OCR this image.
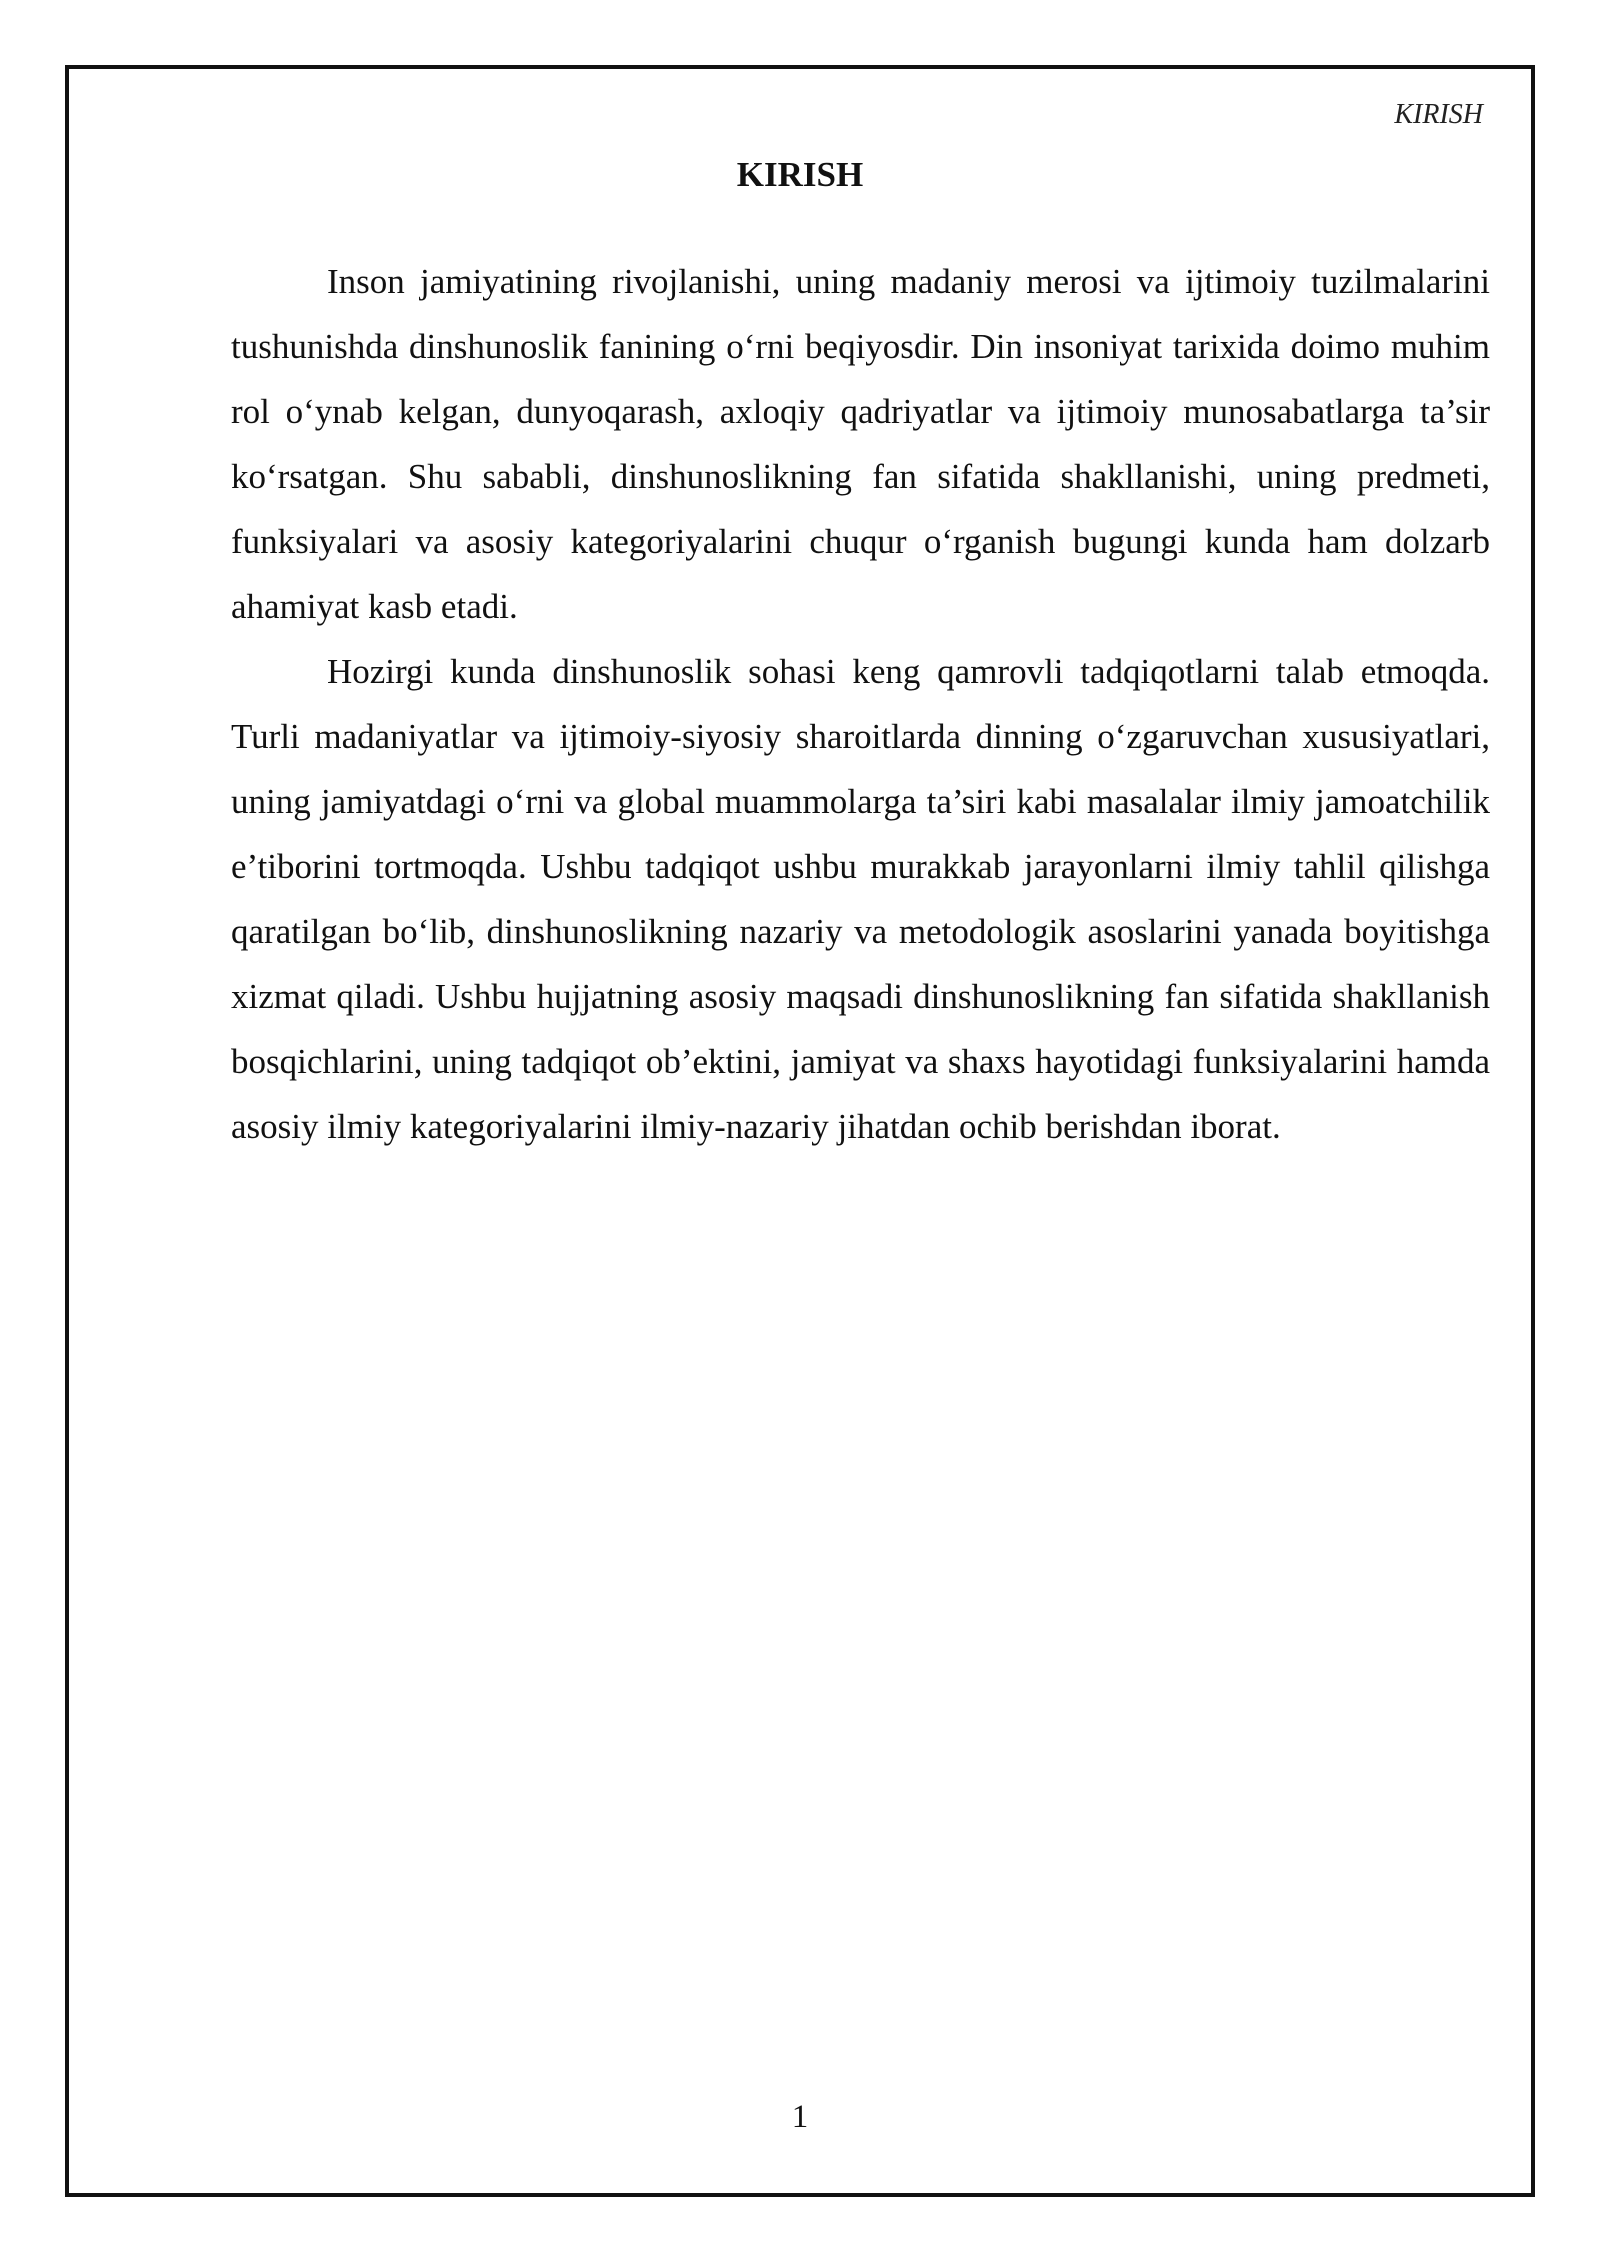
KIRISH

KIRISH

Inson jamiyatining rivojlanishi, uning madaniy merosi va ijtimoiy tuzilmalarini tushunishda dinshunoslik fanining o‘rni beqiyosdir. Din insoniyat tarixida doimo muhim rol o‘ynab kelgan, dunyoqarash, axloqiy qadriyatlar va ijtimoiy munosabatlarga ta’sir ko‘rsatgan. Shu sababli, dinshunoslikning fan sifatida shakllanishi, uning predmeti, funksiyalari va asosiy kategoriyalarini chuqur o‘rganish bugungi kunda ham dolzarb ahamiyat kasb etadi.

Hozirgi kunda dinshunoslik sohasi keng qamrovli tadqiqotlarni talab etmoqda. Turli madaniyatlar va ijtimoiy-siyosiy sharoitlarda dinning o‘zgaruvchan xususiyatlari, uning jamiyatdagi o‘rni va global muammolarga ta’siri kabi masalalar ilmiy jamoatchilik e’tiborini tortmoqda. Ushbu tadqiqot ushbu murakkab jarayonlarni ilmiy tahlil qilishga qaratilgan bo‘lib, dinshunoslikning nazariy va metodologik asoslarini yanada boyitishga xizmat qiladi. Ushbu hujjatning asosiy maqsadi dinshunoslikning fan sifatida shakllanish bosqichlarini, uning tadqiqot ob’ektini, jamiyat va shaxs hayotidagi funksiyalarini hamda asosiy ilmiy kategoriyalarini ilmiy-nazariy jihatdan ochib berishdan iborat.

1
